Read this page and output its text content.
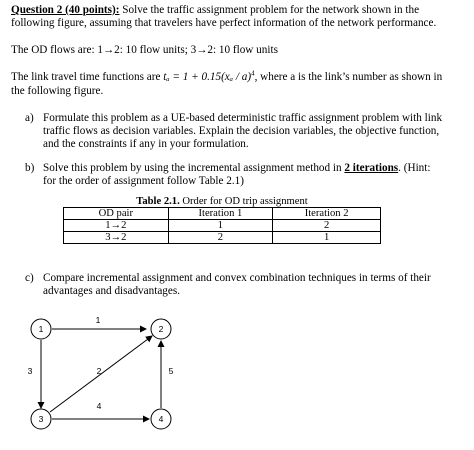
Question 2 (40 points): Solve the traffic assignment problem for the network shown in the
following figure, assuming that travelers have perfect information of the network performance.
The OD flows are: 1→2: 10 flow units; 3→2: 10 flow units
The link travel time functions are tₐ = 1 + 0.15(xₐ / a)$^4$, where a is the link’s number as shown in
the following figure.
a) Formulate this problem as a UE-based deterministic traffic assignment problem with link
traffic flows as decision variables. Explain the decision variables, the objective function,
and the constraints if any in your formulation.
b) Solve this problem by using the incremental assignment method in 2 iterations. (Hint:
for the order of assignment follow Table 2.1)
Table 2.1. Order for OD trip assignment
OD pair	Iteration 1	Iteration 2
1→2	1	2
3→2	2	1
c) Compare incremental assignment and convex combination techniques in terms of their
advantages and disadvantages.
1
3	2	5
4
1	2
3	4
